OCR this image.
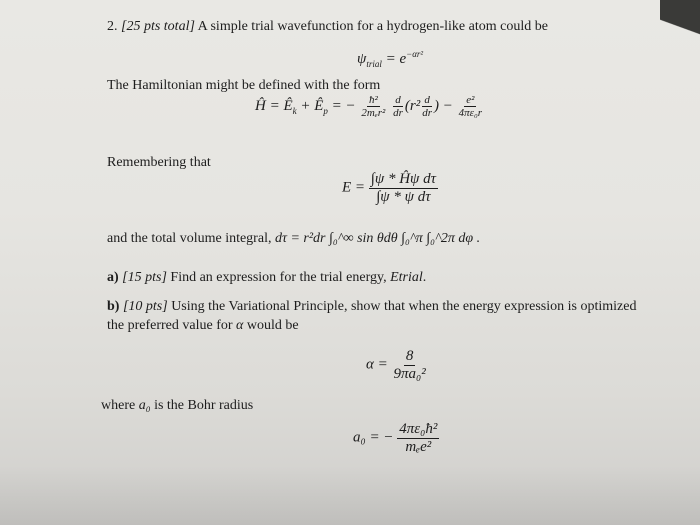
2. [25 pts total] A simple trial wavefunction for a hydrogen-like atom could be
$\psi_{trial} = e^{-\alpha r^2}$
The Hamiltonian might be defined with the form
Ĥ = $Ê_k$ + $Ê_p$ = − $\frac{\text{ħ²}}{\text{2mₑr²}}$
$\frac{d}{dr} (r^2 \frac{d}{dr}$ ) − $\frac{\text{e²}}{\text{4πε₀r}}$
Remembering that
$E = \frac{\text{∫ψ * Ĥψ dτ}}{\text{∫ψ * ψ dτ}}$
and the total volume integral, dτ = r²dr ∫₀^∞ sin θdθ ∫₀^π ∫₀^2π dφ .
a) [15 pts] Find an expression for the trial energy, Etrial.
b) [10 pts] Using the Variational Principle, show that when the energy expression is optimized
the preferred value for α would be
$\alpha = \frac{8}{\text{9πa₀²}}$
where a₀ is the Bohr radius
a₀ = − $\frac{\text{4πε₀ħ²}}{\text{mₑe²}}$
